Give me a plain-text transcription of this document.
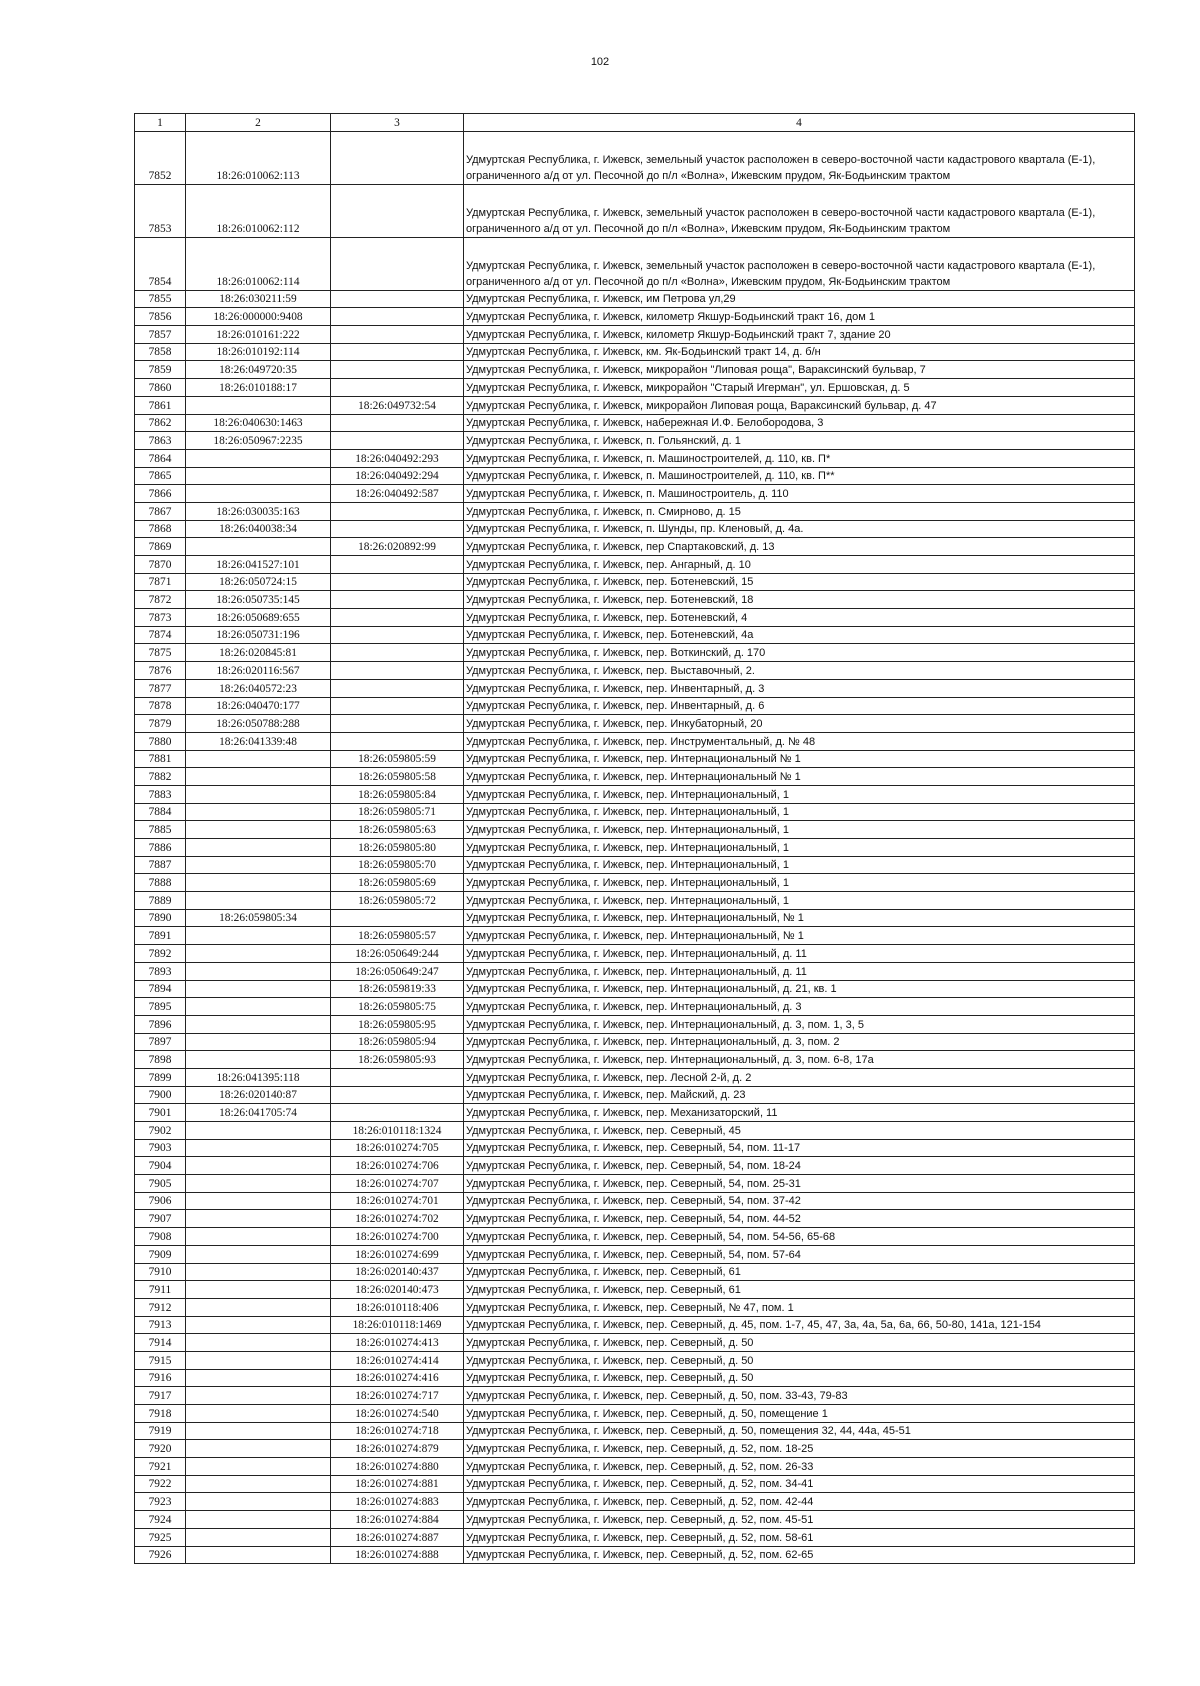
102
1	2	3	4
7852	18:26:010062:113		Удмуртская Республика, г. Ижевск, земельный участок расположен в северо-восточной части кадастрового квартала (Е-1), ограниченного а/д от ул. Песочной до п/л «Волна», Ижевским прудом, Як-Бодьинским трактом
7853	18:26:010062:112		Удмуртская Республика, г. Ижевск, земельный участок расположен в северо-восточной части кадастрового квартала (Е-1), ограниченного а/д от ул. Песочной до п/л «Волна», Ижевским прудом, Як-Бодьинским трактом
7854	18:26:010062:114		Удмуртская Республика, г. Ижевск, земельный участок расположен в северо-восточной части кадастрового квартала (Е-1), ограниченного а/д от ул. Песочной до п/л «Волна», Ижевским прудом, Як-Бодьинским трактом
7855	18:26:030211:59		Удмуртская Республика, г. Ижевск, им Петрова ул,29
7856	18:26:000000:9408		Удмуртская Республика, г. Ижевск, километр Якшур-Бодьинский тракт 16, дом 1
7857	18:26:010161:222		Удмуртская Республика, г. Ижевск, километр Якшур-Бодьинский тракт 7, здание 20
7858	18:26:010192:114		Удмуртская Республика, г. Ижевск, км. Як-Бодьинский тракт 14, д. б/н
7859	18:26:049720:35		Удмуртская Республика, г. Ижевск, микрорайон "Липовая роща", Вараксинский бульвар, 7
7860	18:26:010188:17		Удмуртская Республика, г. Ижевск, микрорайон "Старый Игерман", ул. Ершовская, д. 5
7861		18:26:049732:54	Удмуртская Республика, г. Ижевск, микрорайон Липовая роща, Вараксинский бульвар, д. 47
7862	18:26:040630:1463		Удмуртская Республика, г. Ижевск, набережная И.Ф. Белобородова, 3
7863	18:26:050967:2235		Удмуртская Республика, г. Ижевск, п. Гольянский, д. 1
7864		18:26:040492:293	Удмуртская Республика, г. Ижевск, п. Машиностроителей, д. 110, кв. П*
7865		18:26:040492:294	Удмуртская Республика, г. Ижевск, п. Машиностроителей, д. 110, кв. П**
7866		18:26:040492:587	Удмуртская Республика, г. Ижевск, п. Машиностроитель, д. 110
7867	18:26:030035:163		Удмуртская Республика, г. Ижевск, п. Смирново, д. 15
7868	18:26:040038:34		Удмуртская Республика, г. Ижевск, п. Шунды, пр. Кленовый, д. 4а.
7869		18:26:020892:99	Удмуртская Республика, г. Ижевск, пер Спартаковский, д. 13
7870	18:26:041527:101		Удмуртская Республика, г. Ижевск, пер. Ангарный, д. 10
7871	18:26:050724:15		Удмуртская Республика, г. Ижевск, пер. Ботеневский, 15
7872	18:26:050735:145		Удмуртская Республика, г. Ижевск, пер. Ботеневский, 18
7873	18:26:050689:655		Удмуртская Республика, г. Ижевск, пер. Ботеневский, 4
7874	18:26:050731:196		Удмуртская Республика, г. Ижевск, пер. Ботеневский, 4а
7875	18:26:020845:81		Удмуртская Республика, г. Ижевск, пер. Воткинский, д. 170
7876	18:26:020116:567		Удмуртская Республика, г. Ижевск, пер. Выставочный, 2.
7877	18:26:040572:23		Удмуртская Республика, г. Ижевск, пер. Инвентарный, д. 3
7878	18:26:040470:177		Удмуртская Республика, г. Ижевск, пер. Инвентарный, д. 6
7879	18:26:050788:288		Удмуртская Республика, г. Ижевск, пер. Инкубаторный, 20
7880	18:26:041339:48		Удмуртская Республика, г. Ижевск, пер. Инструментальный, д. № 48
7881		18:26:059805:59	Удмуртская Республика, г. Ижевск, пер. Интернациональный № 1
7882		18:26:059805:58	Удмуртская Республика, г. Ижевск, пер. Интернациональный № 1
7883		18:26:059805:84	Удмуртская Республика, г. Ижевск, пер. Интернациональный, 1
7884		18:26:059805:71	Удмуртская Республика, г. Ижевск, пер. Интернациональный, 1
7885		18:26:059805:63	Удмуртская Республика, г. Ижевск, пер. Интернациональный, 1
7886		18:26:059805:80	Удмуртская Республика, г. Ижевск, пер. Интернациональный, 1
7887		18:26:059805:70	Удмуртская Республика, г. Ижевск, пер. Интернациональный, 1
7888		18:26:059805:69	Удмуртская Республика, г. Ижевск, пер. Интернациональный, 1
7889		18:26:059805:72	Удмуртская Республика, г. Ижевск, пер. Интернациональный, 1
7890	18:26:059805:34		Удмуртская Республика, г. Ижевск, пер. Интернациональный, № 1
7891		18:26:059805:57	Удмуртская Республика, г. Ижевск, пер. Интернациональный, № 1
7892		18:26:050649:244	Удмуртская Республика, г. Ижевск, пер. Интернациональный, д. 11
7893		18:26:050649:247	Удмуртская Республика, г. Ижевск, пер. Интернациональный, д. 11
7894		18:26:059819:33	Удмуртская Республика, г. Ижевск, пер. Интернациональный, д. 21, кв. 1
7895		18:26:059805:75	Удмуртская Республика, г. Ижевск, пер. Интернациональный, д. 3
7896		18:26:059805:95	Удмуртская Республика, г. Ижевск, пер. Интернациональный, д. 3, пом. 1, 3, 5
7897		18:26:059805:94	Удмуртская Республика, г. Ижевск, пер. Интернациональный, д. 3, пом. 2
7898		18:26:059805:93	Удмуртская Республика, г. Ижевск, пер. Интернациональный, д. 3, пом. 6-8, 17а
7899	18:26:041395:118		Удмуртская Республика, г. Ижевск, пер. Лесной 2-й, д. 2
7900	18:26:020140:87		Удмуртская Республика, г. Ижевск, пер. Майский, д. 23
7901	18:26:041705:74		Удмуртская Республика, г. Ижевск, пер. Механизаторский, 11
7902		18:26:010118:1324	Удмуртская Республика, г. Ижевск, пер. Северный, 45
7903		18:26:010274:705	Удмуртская Республика, г. Ижевск, пер. Северный, 54, пом. 11-17
7904		18:26:010274:706	Удмуртская Республика, г. Ижевск, пер. Северный, 54, пом. 18-24
7905		18:26:010274:707	Удмуртская Республика, г. Ижевск, пер. Северный, 54, пом. 25-31
7906		18:26:010274:701	Удмуртская Республика, г. Ижевск, пер. Северный, 54, пом. 37-42
7907		18:26:010274:702	Удмуртская Республика, г. Ижевск, пер. Северный, 54, пом. 44-52
7908		18:26:010274:700	Удмуртская Республика, г. Ижевск, пер. Северный, 54, пом. 54-56, 65-68
7909		18:26:010274:699	Удмуртская Республика, г. Ижевск, пер. Северный, 54, пом. 57-64
7910		18:26:020140:437	Удмуртская Республика, г. Ижевск, пер. Северный, 61
7911		18:26:020140:473	Удмуртская Республика, г. Ижевск, пер. Северный, 61
7912		18:26:010118:406	Удмуртская Республика, г. Ижевск, пер. Северный, № 47, пом. 1
7913		18:26:010118:1469	Удмуртская Республика, г. Ижевск, пер. Северный, д. 45, пом. 1-7, 45, 47, 3а, 4а, 5а, 6а, 66, 50-80, 141а, 121-154
7914		18:26:010274:413	Удмуртская Республика, г. Ижевск, пер. Северный, д. 50
7915		18:26:010274:414	Удмуртская Республика, г. Ижевск, пер. Северный, д. 50
7916		18:26:010274:416	Удмуртская Республика, г. Ижевск, пер. Северный, д. 50
7917		18:26:010274:717	Удмуртская Республика, г. Ижевск, пер. Северный, д. 50, пом. 33-43, 79-83
7918		18:26:010274:540	Удмуртская Республика, г. Ижевск, пер. Северный, д. 50, помещение 1
7919		18:26:010274:718	Удмуртская Республика, г. Ижевск, пер. Северный, д. 50, помещения 32, 44, 44а, 45-51
7920		18:26:010274:879	Удмуртская Республика, г. Ижевск, пер. Северный, д. 52, пом. 18-25
7921		18:26:010274:880	Удмуртская Республика, г. Ижевск, пер. Северный, д. 52, пом. 26-33
7922		18:26:010274:881	Удмуртская Республика, г. Ижевск, пер. Северный, д. 52, пом. 34-41
7923		18:26:010274:883	Удмуртская Республика, г. Ижевск, пер. Северный, д. 52, пом. 42-44
7924		18:26:010274:884	Удмуртская Республика, г. Ижевск, пер. Северный, д. 52, пом. 45-51
7925		18:26:010274:887	Удмуртская Республика, г. Ижевск, пер. Северный, д. 52, пом. 58-61
7926		18:26:010274:888	Удмуртская Республика, г. Ижевск, пер. Северный, д. 52, пом. 62-65
